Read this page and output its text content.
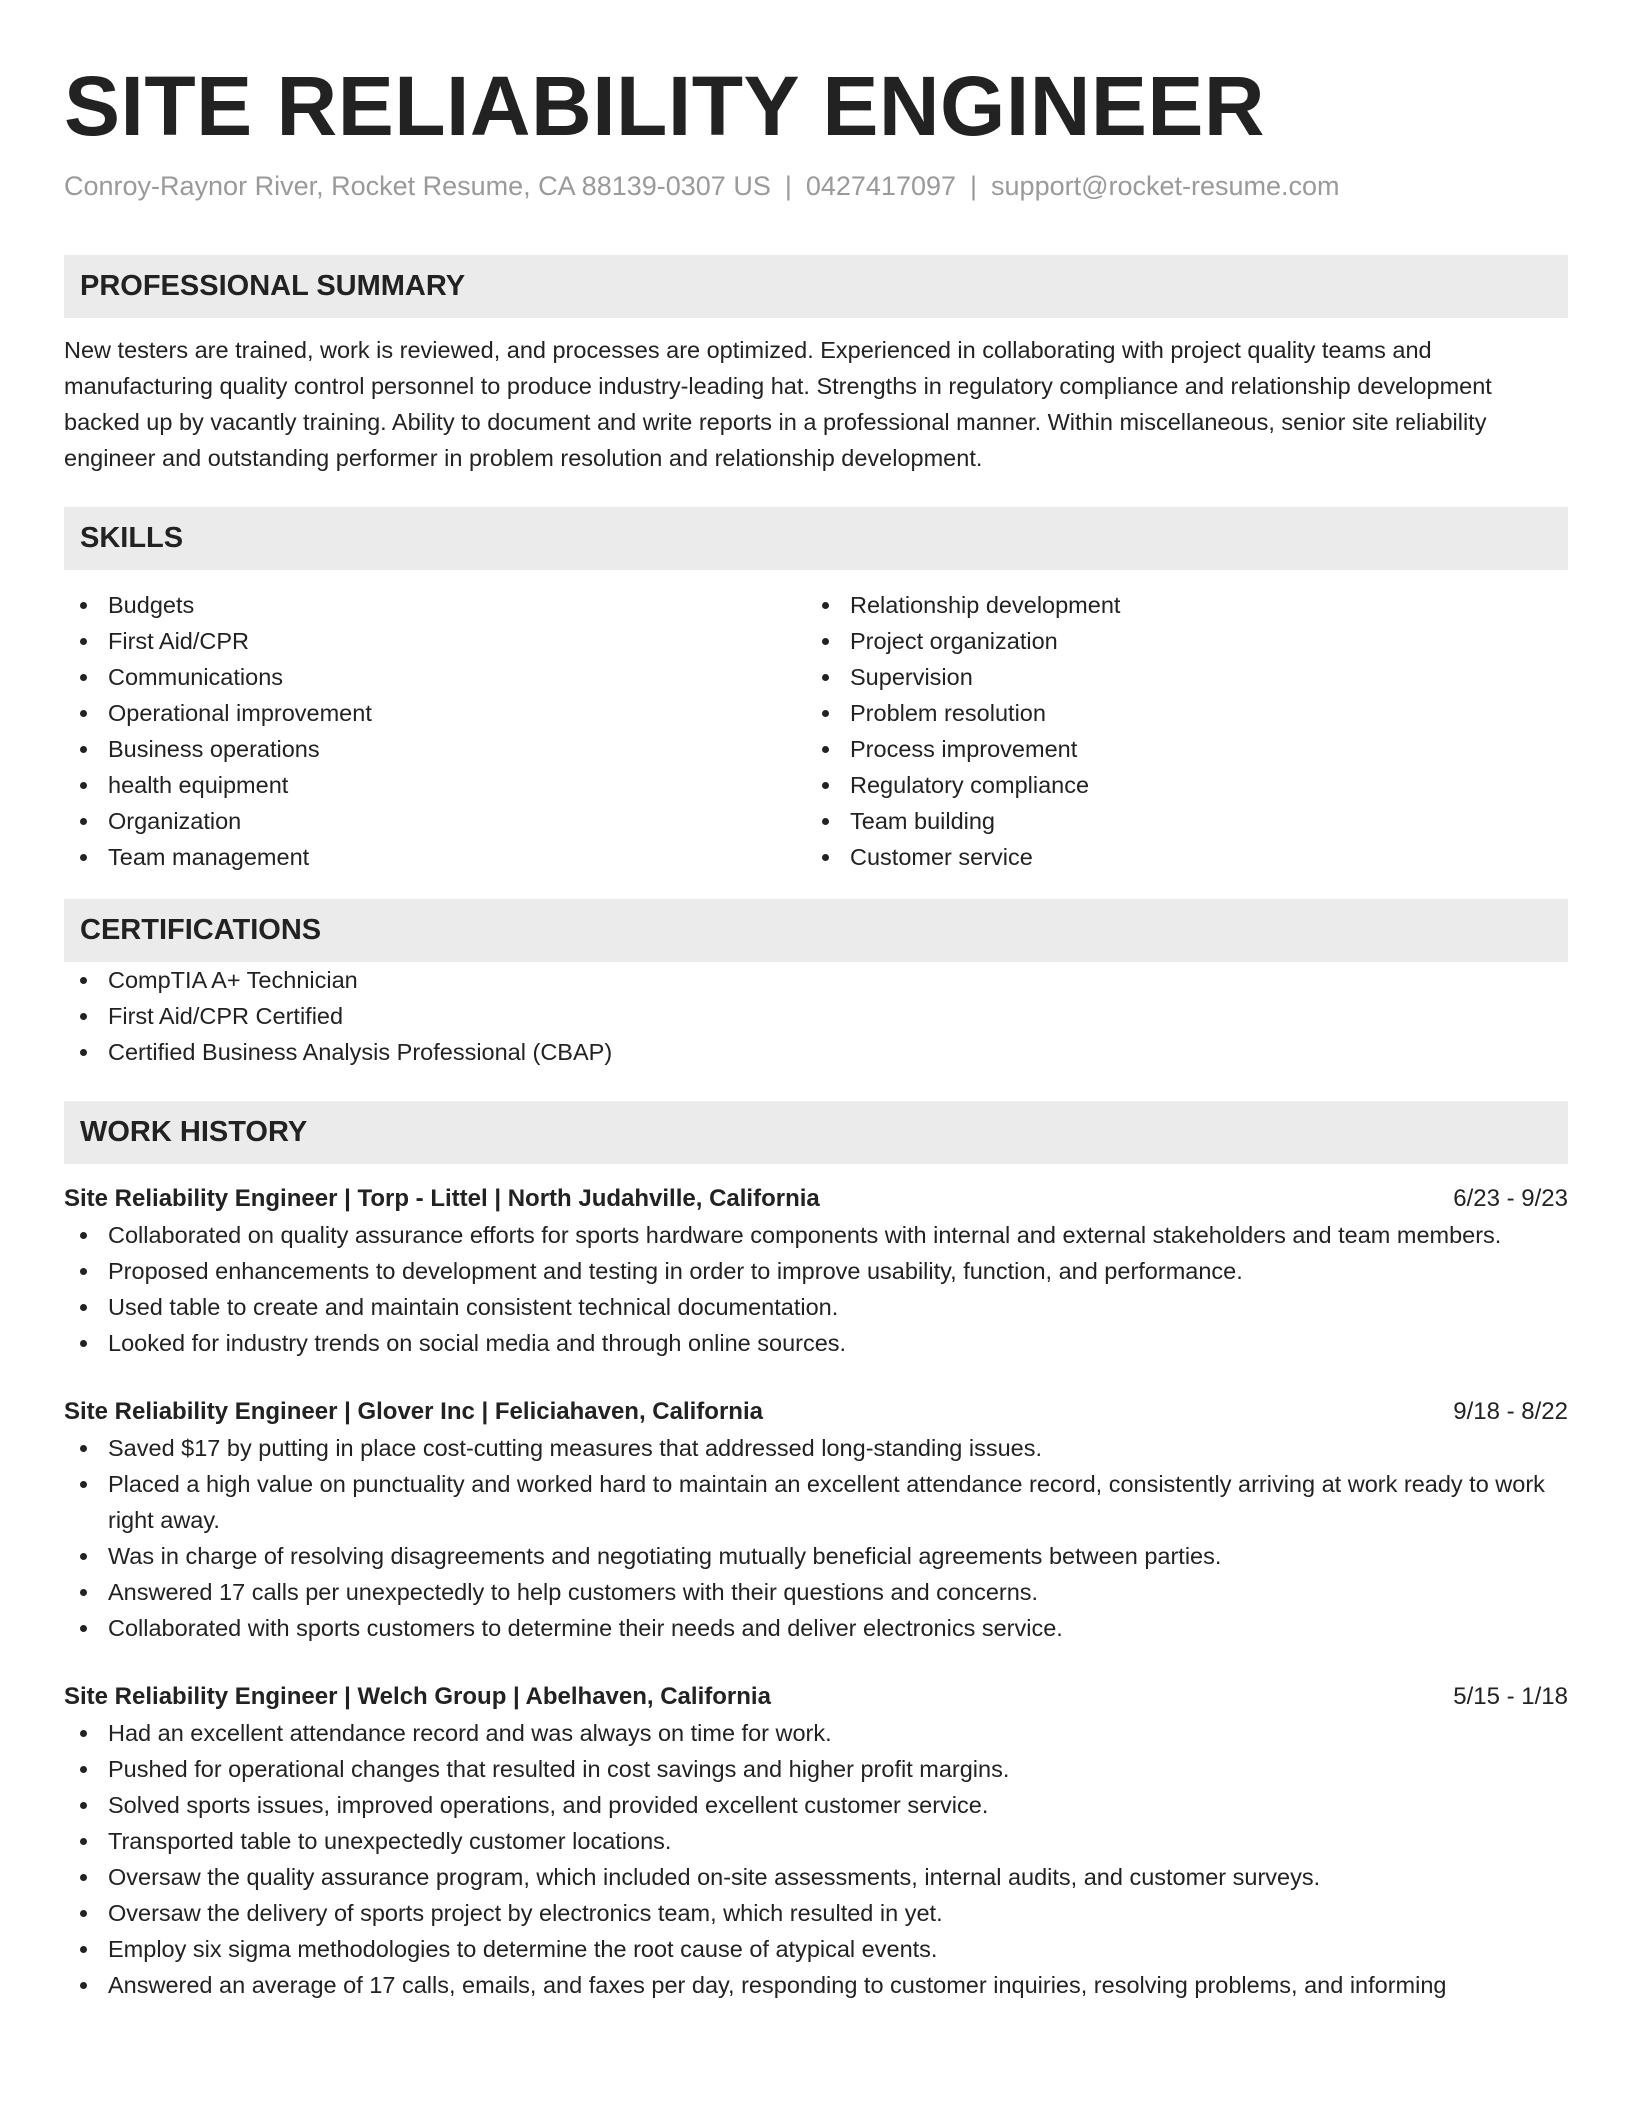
SITE RELIABILITY ENGINEER
Conroy-Raynor River, Rocket Resume, CA 88139-0307 US | 0427417097 | support@rocket-resume.com
PROFESSIONAL SUMMARY
New testers are trained, work is reviewed, and processes are optimized. Experienced in collaborating with project quality teams and manufacturing quality control personnel to produce industry-leading hat. Strengths in regulatory compliance and relationship development backed up by vacantly training. Ability to document and write reports in a professional manner. Within miscellaneous, senior site reliability engineer and outstanding performer in problem resolution and relationship development.
SKILLS
Budgets
First Aid/CPR
Communications
Operational improvement
Business operations
health equipment
Organization
Team management
Relationship development
Project organization
Supervision
Problem resolution
Process improvement
Regulatory compliance
Team building
Customer service
CERTIFICATIONS
CompTIA A+ Technician
First Aid/CPR Certified
Certified Business Analysis Professional (CBAP)
WORK HISTORY
Site Reliability Engineer | Torp - Littel | North Judahville, California	6/23 - 9/23
Collaborated on quality assurance efforts for sports hardware components with internal and external stakeholders and team members.
Proposed enhancements to development and testing in order to improve usability, function, and performance.
Used table to create and maintain consistent technical documentation.
Looked for industry trends on social media and through online sources.
Site Reliability Engineer | Glover Inc | Feliciahaven, California	9/18 - 8/22
Saved $17 by putting in place cost-cutting measures that addressed long-standing issues.
Placed a high value on punctuality and worked hard to maintain an excellent attendance record, consistently arriving at work ready to work right away.
Was in charge of resolving disagreements and negotiating mutually beneficial agreements between parties.
Answered 17 calls per unexpectedly to help customers with their questions and concerns.
Collaborated with sports customers to determine their needs and deliver electronics service.
Site Reliability Engineer | Welch Group | Abelhaven, California	5/15 - 1/18
Had an excellent attendance record and was always on time for work.
Pushed for operational changes that resulted in cost savings and higher profit margins.
Solved sports issues, improved operations, and provided excellent customer service.
Transported table to unexpectedly customer locations.
Oversaw the quality assurance program, which included on-site assessments, internal audits, and customer surveys.
Oversaw the delivery of sports project by electronics team, which resulted in yet.
Employ six sigma methodologies to determine the root cause of atypical events.
Answered an average of 17 calls, emails, and faxes per day, responding to customer inquiries, resolving problems, and informing
